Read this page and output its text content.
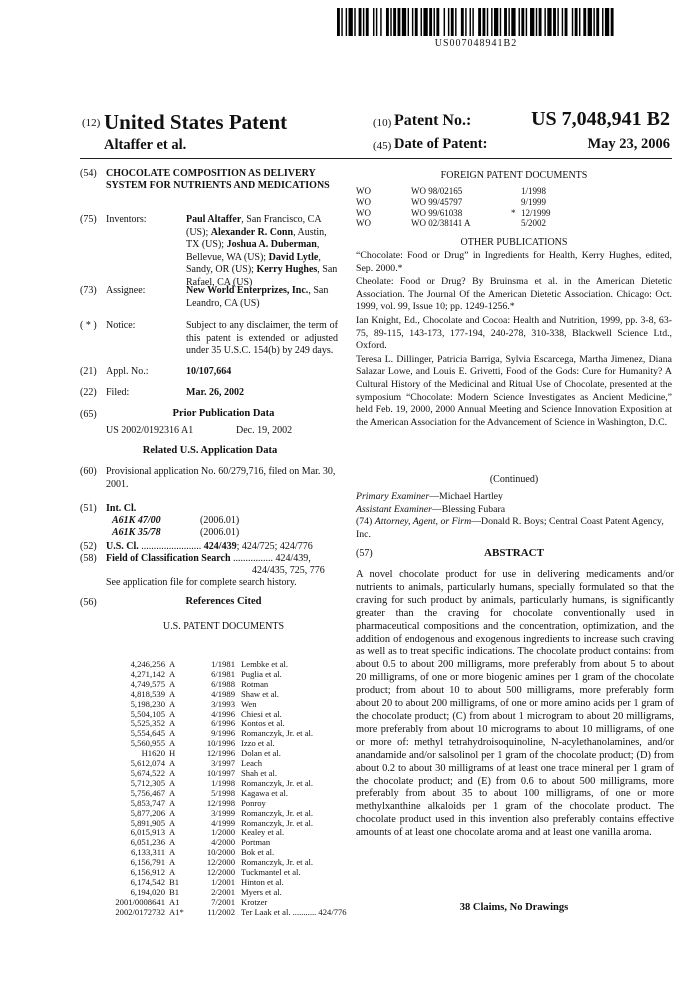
US007048941B2
(12) United States Patent
Altaffer et al.
(10) Patent No.:	US 7,048,941 B2
(45) Date of Patent:	May 23, 2006
(54) CHOCOLATE COMPOSITION AS DELIVERY SYSTEM FOR NUTRIENTS AND MEDICATIONS
(75) Inventors:	Paul Altaffer, San Francisco, CA (US); Alexander R. Conn, Austin, TX (US); Joshua A. Duberman, Bellevue, WA (US); David Lytle, Sandy, OR (US); Kerry Hughes, San Rafael, CA (US)
(73) Assignee:	New World Enterprizes, Inc., San Leandro, CA (US)
( * ) Notice:	Subject to any disclaimer, the term of this patent is extended or adjusted under 35 U.S.C. 154(b) by 249 days.
(21) Appl. No.:	10/107,664
(22) Filed:	Mar. 26, 2002
(65)	Prior Publication Data
US 2002/0192316 A1	Dec. 19, 2002
Related U.S. Application Data
(60) Provisional application No. 60/279,716, filed on Mar. 30, 2001.
(51) Int. Cl.
A61K 47/00	(2006.01)
A61K 35/78	(2006.01)
(52) U.S. Cl. ........................ 424/439; 424/725; 424/776
(58) Field of Classification Search ................ 424/439,
424/435, 725, 776
See application file for complete search history.
(56)	References Cited
U.S. PATENT DOCUMENTS
4,246,256 A	1/1981 Lembke et al.
4,271,142 A	6/1981 Puglia et al.
4,749,575 A	6/1988 Rotman
4,818,539 A	4/1989 Shaw et al.
5,198,230 A	3/1993 Wen
5,504,105 A	4/1996 Chiesi et al.
5,525,352 A	6/1996 Kontos et al.
5,554,645 A	9/1996 Romanczyk, Jr. et al.
5,560,955 A	10/1996 Izzo et al.
H1620 H	12/1996 Dolan et al.
5,612,074 A	3/1997 Leach
5,674,522 A	10/1997 Shah et al.
5,712,305 A	1/1998 Romanczyk, Jr. et al.
5,756,467 A	5/1998 Kagawa et al.
5,853,747 A	12/1998 Ponroy
5,877,206 A	3/1999 Romanczyk, Jr. et al.
5,891,905 A	4/1999 Romanczyk, Jr. et al.
6,015,913 A	1/2000 Kealey et al.
6,051,236 A	4/2000 Portman
6,133,311 A	10/2000 Bok et al.
6,156,791 A	12/2000 Romanczyk, Jr. et al.
6,156,912 A	12/2000 Tuckmantel et al.
6,174,542 B1	1/2001 Hinton et al.
6,194,020 B1	2/2001 Myers et al.
2001/0008641 A1	7/2001 Krotzer
2002/0172732 A1*	11/2002 Ter Laak et al. ........... 424/776
FOREIGN PATENT DOCUMENTS
WO	WO 98/02165	1/1998
WO	WO 99/45797	9/1999
WO	WO 99/61038	* 12/1999
WO	WO 02/38141 A	5/2002
OTHER PUBLICATIONS

“Chocolate: Food or Drug” in Ingredients for Health, Kerry Hughes, edited, Sep. 2000.*

Cheolate: Food or Drug? By Bruinsma et al. in the American Dietetic Association. The Journal Of the American Dietetic Association. Chicago: Oct. 1999, vol. 99, Issue 10; pp. 1249-1256.*

Ian Knight, Ed., Chocolate and Cocoa: Health and Nutrition, 1999, pp. 3-8, 63-75, 89-115, 143-173, 177-194, 240-278, 310-338, Blackwell Science Ltd., Oxford.

Teresa L. Dillinger, Patricia Barriga, Sylvia Escarcega, Martha Jimenez, Diana Salazar Lowe, and Louis E. Grivetti, Food of the Gods: Cure for Humanity? A Cultural History of the Medicinal and Ritual Use of Chocolate, presented at the symposium “Chocolate: Modern Science Investigates as Ancient Medicine,” held Feb. 19, 2000, 2000 Annual Meeting and Science Innovation Exposition at the American Association for the Advancement of Science in Washington, D.C.

(Continued)
Primary Examiner—Michael Hartley
Assistant Examiner—Blessing Fubara
(74) Attorney, Agent, or Firm—Donald R. Boys; Central Coast Patent Agency, Inc.
(57)	ABSTRACT
A novel chocolate product for use in delivering medicaments and/or nutrients to animals, particularly humans, specially formulated so that the craving for such product by animals, particularly humans, is significantly greater than the craving for chocolate conventionally used in pharmaceutical compositions and the concentration, optimization, and the addition of endogenous and exogenous ingredients to increase such craving as well as to treat specific indications. The chocolate product contains: from about 0.5 to about 200 milligrams, more preferably from about 5 to about 20 milligrams, of one or more biogenic amines per 1 gram of the chocolate product; from about 10 to about 500 milligrams, more preferably form about 20 to about 200 milligrams, of one or more amino acids per 1 gram of the chocolate product; (C) from about 1 microgram to about 20 milligrams, more preferably from about 10 micrograms to about 10 milligrams, of one or more of: methyl tetrahydroisoquinoline, N-acylethanolamines, and/or anandamide and/or salsolinol per 1 gram of the chocolate product; (D) from about 0.2 to about 30 milligrams of at least one trace mineral per 1 gram of the chocolate product; and (E) from 0.6 to about 500 milligrams, more preferably from about 35 to about 100 milligrams, of one or more methylxanthine alkaloids per 1 gram of the chocolate product. The chocolate product used in this invention also preferably contains effective amounts of at least one chocolate aroma and at least one vanilla aroma.
38 Claims, No Drawings
